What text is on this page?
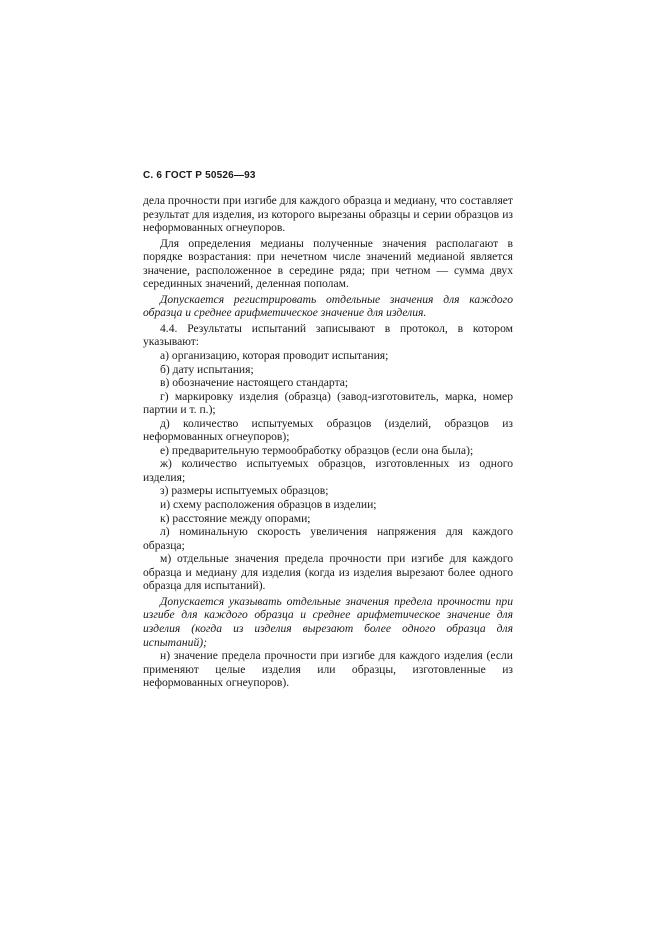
С. 6 ГОСТ Р 50526—93

дела прочности при изгибе для каждого образца и медиану, что составляет результат для изделия, из которого вырезаны образцы и серии образцов из неформованных огнеупоров.

Для определения медианы полученные значения располагают в порядке возрастания: при нечетном числе значений медианой является значение, расположенное в середине ряда; при четном — сумма двух серединных значений, деленная пополам.

Допускается регистрировать отдельные значения для каждого образца и среднее арифметическое значение для изделия.

4.4. Результаты испытаний записывают в протокол, в котором указывают:

а) организацию, которая проводит испытания;

б) дату испытания;

в) обозначение настоящего стандарта;

г) маркировку изделия (образца) (завод-изготовитель, марка, номер партии и т. п.);

д) количество испытуемых образцов (изделий, образцов из неформованных огнеупоров);

е) предварительную термообработку образцов (если она была);

ж) количество испытуемых образцов, изготовленных из одного изделия;

з) размеры испытуемых образцов;

и) схему расположения образцов в изделии;

к) расстояние между опорами;

л) номинальную скорость увеличения напряжения для каждого образца;

м) отдельные значения предела прочности при изгибе для каждого образца и медиану для изделия (когда из изделия вырезают более одного образца для испытаний).

Допускается указывать отдельные значения предела прочности при изгибе для каждого образца и среднее арифметическое значение для изделия (когда из изделия вырезают более одного образца для испытаний);

н) значение предела прочности при изгибе для каждого изделия (если применяют целые изделия или образцы, изготовленные из неформованных огнеупоров).
